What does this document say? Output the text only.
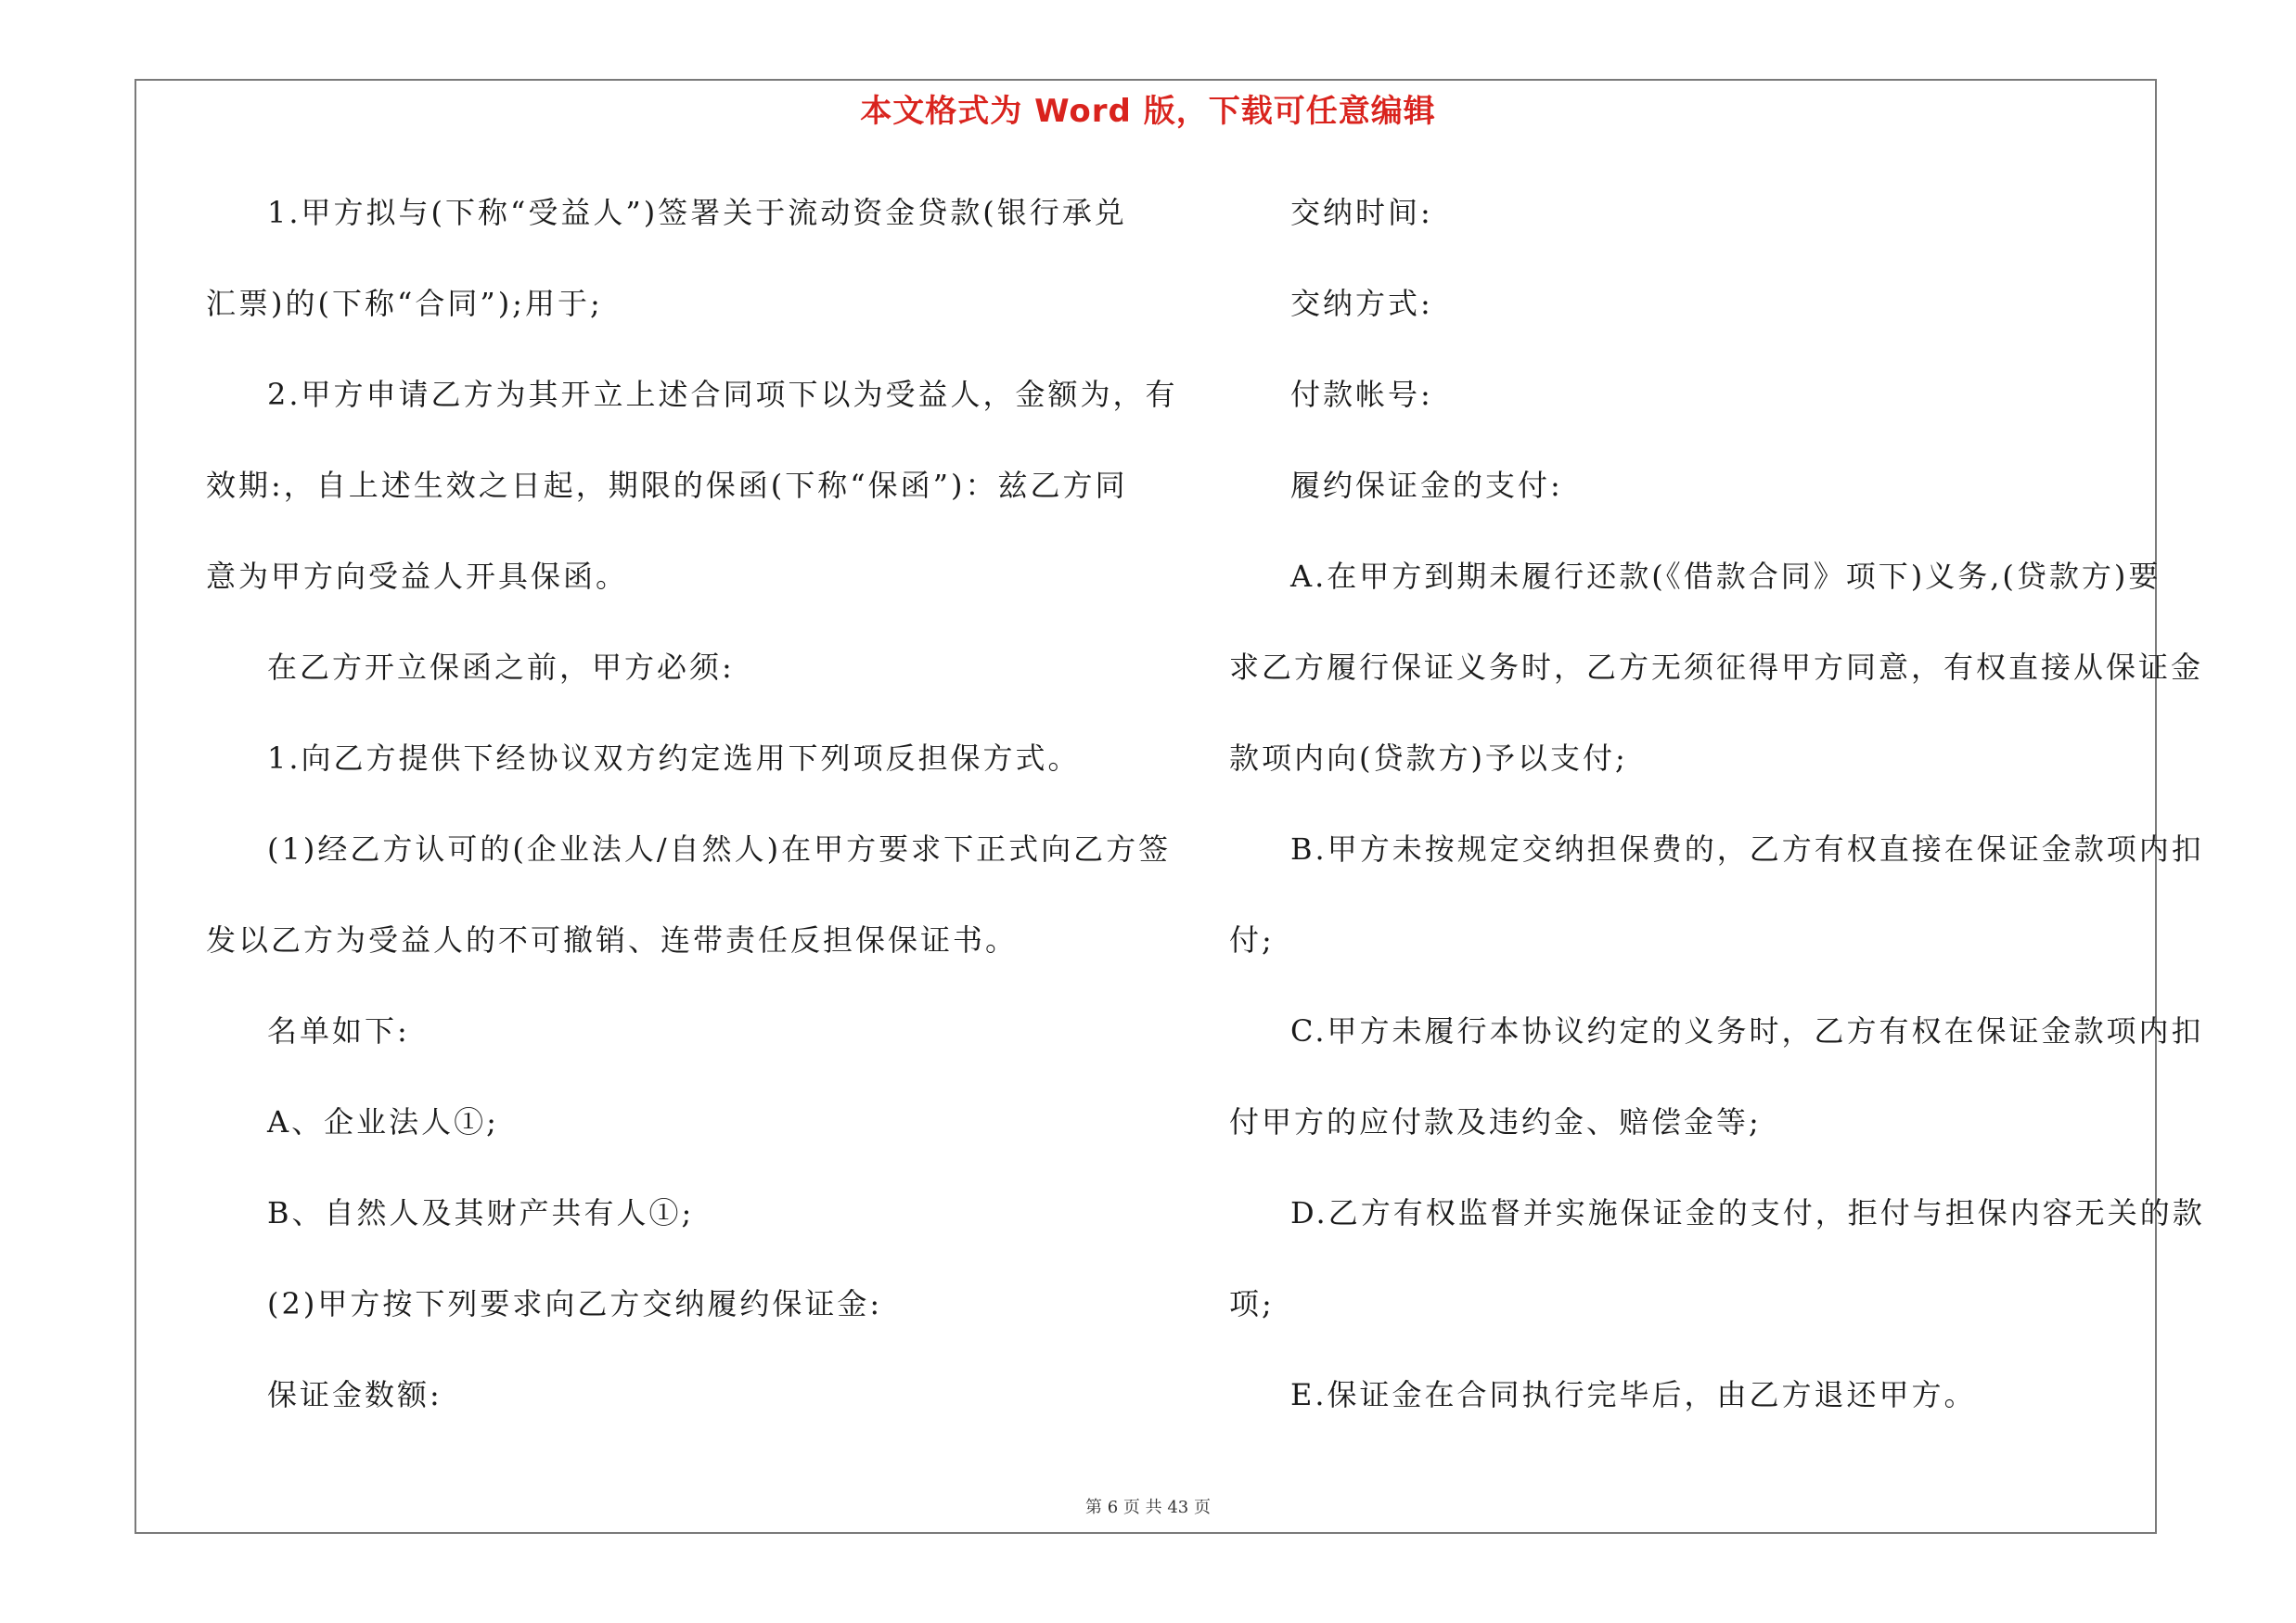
本文格式为 Word 版，下载可任意编辑
1.甲方拟与(下称“受益人”)签署关于流动资金贷款(银行承兑
汇票)的(下称“合同”);用于;
2.甲方申请乙方为其开立上述合同项下以为受益人，金额为，有
效期:，自上述生效之日起，期限的保函(下称“保函”)：兹乙方同
意为甲方向受益人开具保函。
在乙方开立保函之前，甲方必须:
1.向乙方提供下经协议双方约定选用下列项反担保方式。
(1)经乙方认可的(企业法人/自然人)在甲方要求下正式向乙方签
发以乙方为受益人的不可撤销、连带责任反担保保证书。
名单如下:
A、企业法人①;
B、自然人及其财产共有人①;
(2)甲方按下列要求向乙方交纳履约保证金:
保证金数额:
交纳时间:
交纳方式:
付款帐号:
履约保证金的支付:
A.在甲方到期未履行还款(《借款合同》项下)义务,(贷款方)要
求乙方履行保证义务时，乙方无须征得甲方同意，有权直接从保证金
款项内向(贷款方)予以支付;
B.甲方未按规定交纳担保费的，乙方有权直接在保证金款项内扣
付;
C.甲方未履行本协议约定的义务时，乙方有权在保证金款项内扣
付甲方的应付款及违约金、赔偿金等;
D.乙方有权监督并实施保证金的支付，拒付与担保内容无关的款
项;
E.保证金在合同执行完毕后，由乙方退还甲方。
第 6 页 共 43 页
